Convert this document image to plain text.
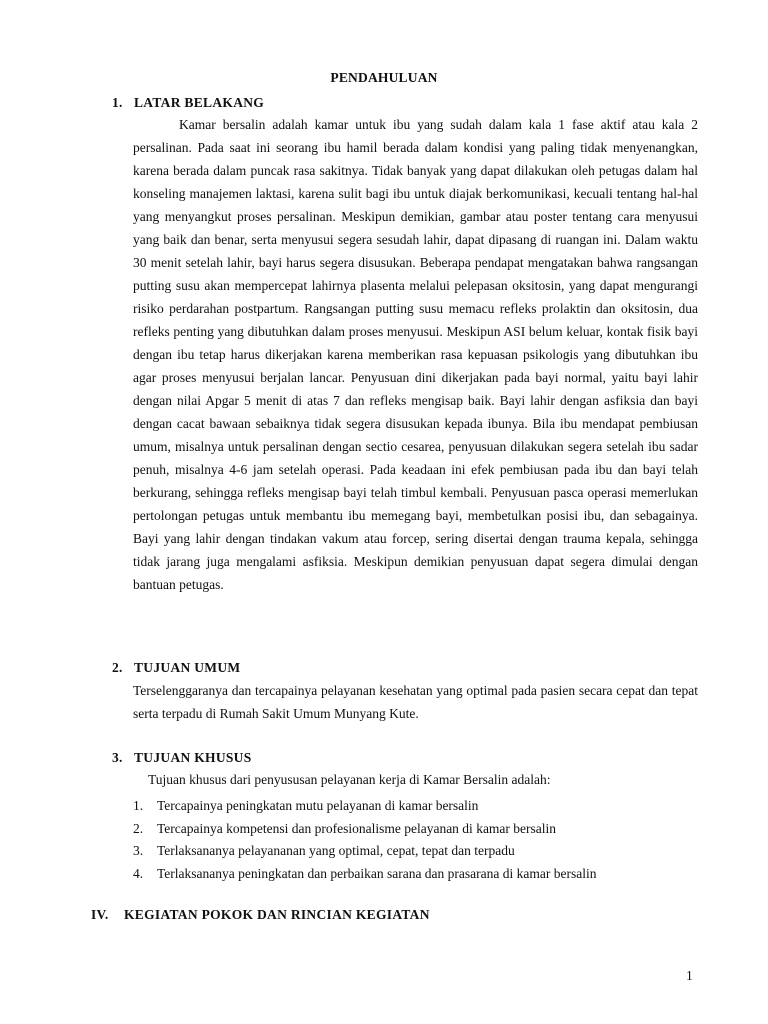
PENDAHULUAN
1. LATAR BELAKANG

Kamar bersalin adalah kamar untuk ibu yang sudah dalam kala 1 fase aktif atau kala 2 persalinan. Pada saat ini seorang ibu hamil berada dalam kondisi yang paling tidak menyenangkan, karena berada dalam puncak rasa sakitnya. Tidak banyak yang dapat dilakukan oleh petugas dalam hal konseling manajemen laktasi, karena sulit bagi ibu untuk diajak berkomunikasi, kecuali tentang hal-hal yang menyangkut proses persalinan. Meskipun demikian, gambar atau poster tentang cara menyusui yang baik dan benar, serta menyusui segera sesudah lahir, dapat dipasang di ruangan ini. Dalam waktu 30 menit setelah lahir, bayi harus segera disusukan. Beberapa pendapat mengatakan bahwa rangsangan putting susu akan mempercepat lahirnya plasenta melalui pelepasan oksitosin, yang dapat mengurangi risiko perdarahan postpartum. Rangsangan putting susu memacu refleks prolaktin dan oksitosin, dua refleks penting yang dibutuhkan dalam proses menyusui. Meskipun ASI belum keluar, kontak fisik bayi dengan ibu tetap harus dikerjakan karena memberikan rasa kepuasan psikologis yang dibutuhkan ibu agar proses menyusui berjalan lancar. Penyusuan dini dikerjakan pada bayi normal, yaitu bayi lahir dengan nilai Apgar 5 menit di atas 7 dan refleks mengisap baik. Bayi lahir dengan asfiksia dan bayi dengan cacat bawaan sebaiknya tidak segera disusukan kepada ibunya. Bila ibu mendapat pembiusan umum, misalnya untuk persalinan dengan sectio cesarea, penyusuan dilakukan segera setelah ibu sadar penuh, misalnya 4-6 jam setelah operasi. Pada keadaan ini efek pembiusan pada ibu dan bayi telah berkurang, sehingga refleks mengisap bayi telah timbul kembali. Penyusuan pasca operasi memerlukan pertolongan petugas untuk membantu ibu memegang bayi, membetulkan posisi ibu, dan sebagainya. Bayi yang lahir dengan tindakan vakum atau forcep, sering disertai dengan trauma kepala, sehingga tidak jarang juga mengalami asfiksia. Meskipun demikian penyusuan dapat segera dimulai dengan bantuan petugas.

2. TUJUAN UMUM

Terselenggaranya dan tercapainya pelayanan kesehatan yang optimal pada pasien secara cepat dan tepat serta terpadu di Rumah Sakit Umum Munyang Kute.

3. TUJUAN KHUSUS
Tujuan khusus dari penyususan pelayanan kerja di Kamar Bersalin adalah:
1. Tercapainya peningkatan mutu pelayanan di kamar bersalin
2. Tercapainya kompetensi dan profesionalisme pelayanan di kamar bersalin
3. Terlaksananya pelayananan yang optimal, cepat, tepat dan terpadu
4. Terlaksananya peningkatan dan perbaikan sarana dan prasarana di kamar bersalin
IV. KEGIATAN POKOK DAN RINCIAN KEGIATAN
1
